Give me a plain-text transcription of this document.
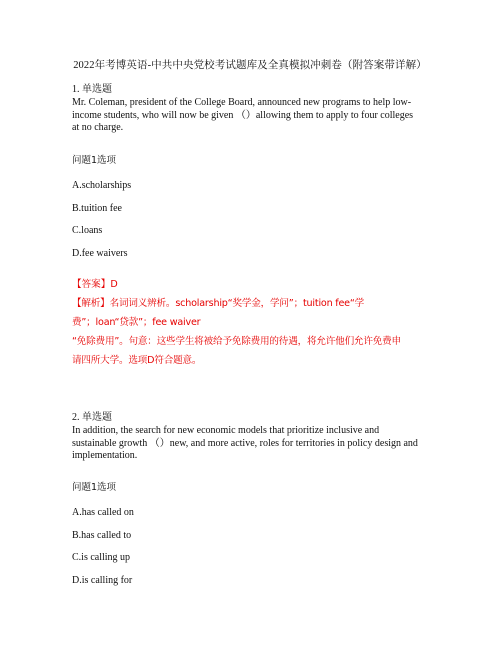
2022年考博英语-中共中央党校考试题库及全真模拟冲刺卷（附答案带详解）
1. 单选题
Mr. Coleman, president of the College Board, announced new programs to help low-income students, who will now be given （）allowing them to apply to four colleges at no charge.
问题1选项
A.scholarships
B.tuition fee
C.loans
D.fee waivers
【答案】D
【解析】名词词义辨析。scholarship“奖学金，学问”；tuition fee“学
费”；loan“贷款”；fee waiver
“免除费用”。句意：这些学生将被给予免除费用的待遇，将允许他们允许免费申
请四所大学。选项D符合题意。
2. 单选题
In addition, the search for new economic models that prioritize inclusive and sustainable growth （）new, and more active, roles for territories in policy design and implementation.
问题1选项
A.has called on
B.has called to
C.is calling up
D.is calling for
